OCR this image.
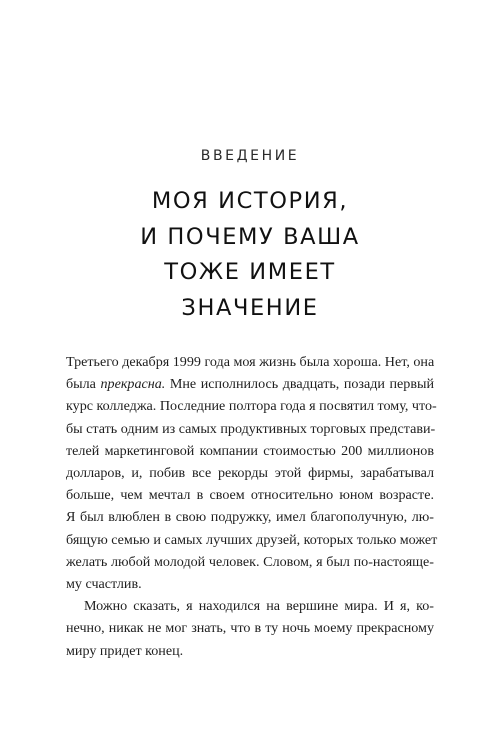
ВВЕДЕНИЕ
МОЯ ИСТОРИЯ,
И ПОЧЕМУ ВАША
ТОЖЕ ИМЕЕТ
ЗНАЧЕНИЕ
Третьего декабря 1999 года моя жизнь была хороша. Нет, она
была прекрасна. Мне исполнилось двадцать, позади первый
курс колледжа. Последние полтора года я посвятил тому, что-
бы стать одним из самых продуктивных торговых представи-
телей маркетинговой компании стоимостью 200 миллионов
долларов, и, побив все рекорды этой фирмы, зарабатывал
больше, чем мечтал в своем относительно юном возрасте.
Я был влюблен в свою подружку, имел благополучную, лю-
бящую семью и самых лучших друзей, которых только может
желать любой молодой человек. Словом, я был по-настояще-
му счастлив.
Можно сказать, я находился на вершине мира. И я, ко-
нечно, никак не мог знать, что в ту ночь моему прекрасному
миру придет конец.
